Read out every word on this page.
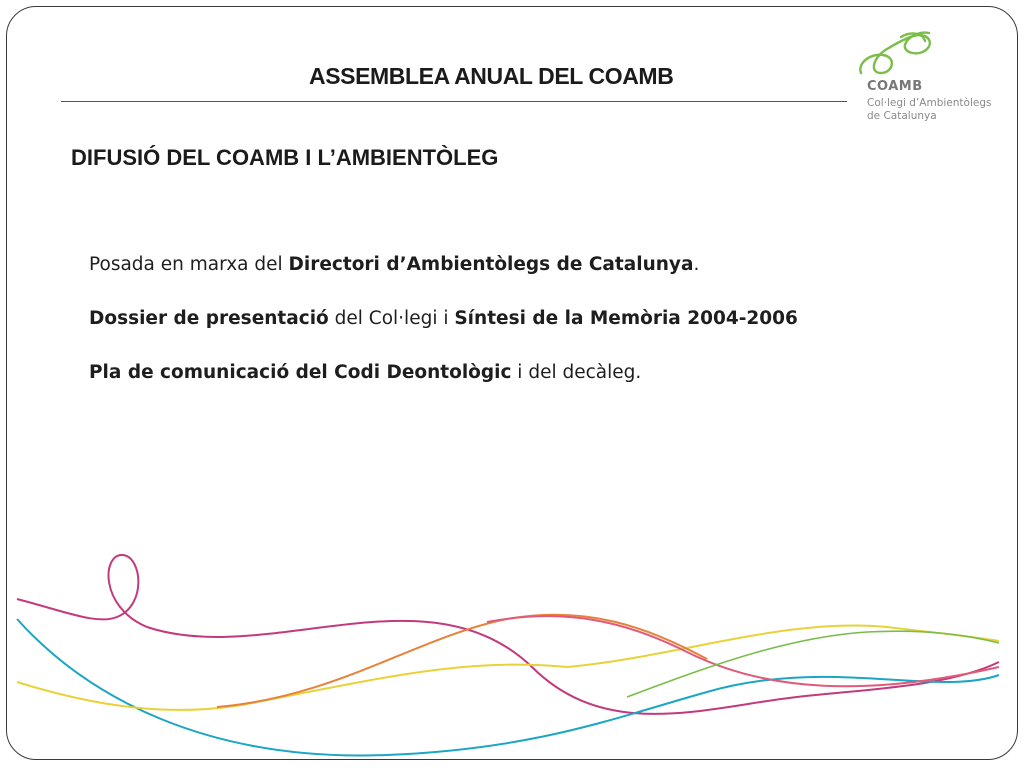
ASSEMBLEA ANUAL DEL COAMB
DIFUSIÓ DEL COAMB I L’AMBIENTÒLEG
Posada en marxa del Directori d’Ambientòlegs de Catalunya.
Dossier de presentació del Col·legi i Síntesi de la Memòria 2004-2006
Pla de comunicació del Codi Deontològic i del decàleg.
COAMB
Col·legi d’Ambientòlegs
de Catalunya
